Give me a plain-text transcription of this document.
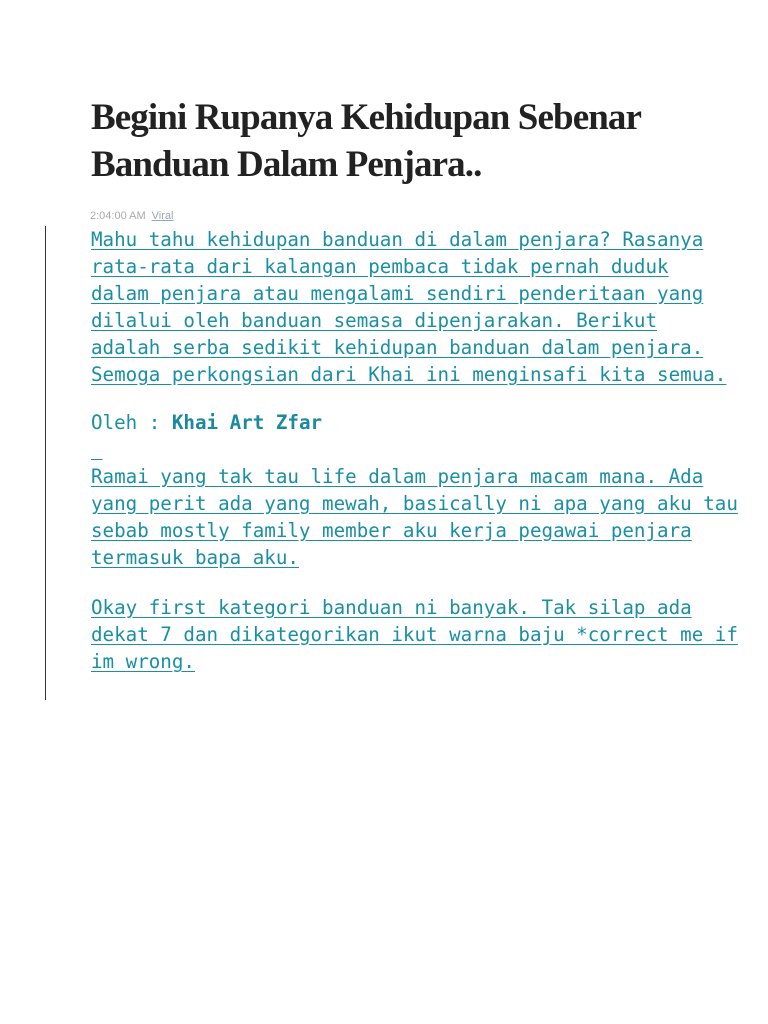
Begini Rupanya Kehidupan Sebenar
Banduan Dalam Penjara..
2:04:00 AM Viral

Mahu tahu kehidupan banduan di dalam penjara? Rasanya
rata-rata dari kalangan pembaca tidak pernah duduk
dalam penjara atau mengalami sendiri penderitaan yang
dilalui oleh banduan semasa dipenjarakan. Berikut
adalah serba sedikit kehidupan banduan dalam penjara.
Semoga perkongsian dari Khai ini menginsafi kita semua.

Oleh : Khai Art Zfar

Ramai yang tak tau life dalam penjara macam mana. Ada
yang perit ada yang mewah, basically ni apa yang aku tau
sebab mostly family member aku kerja pegawai penjara
termasuk bapa aku.

Okay first kategori banduan ni banyak. Tak silap ada
dekat 7 dan dikategorikan ikut warna baju *correct me if
im wrong.
